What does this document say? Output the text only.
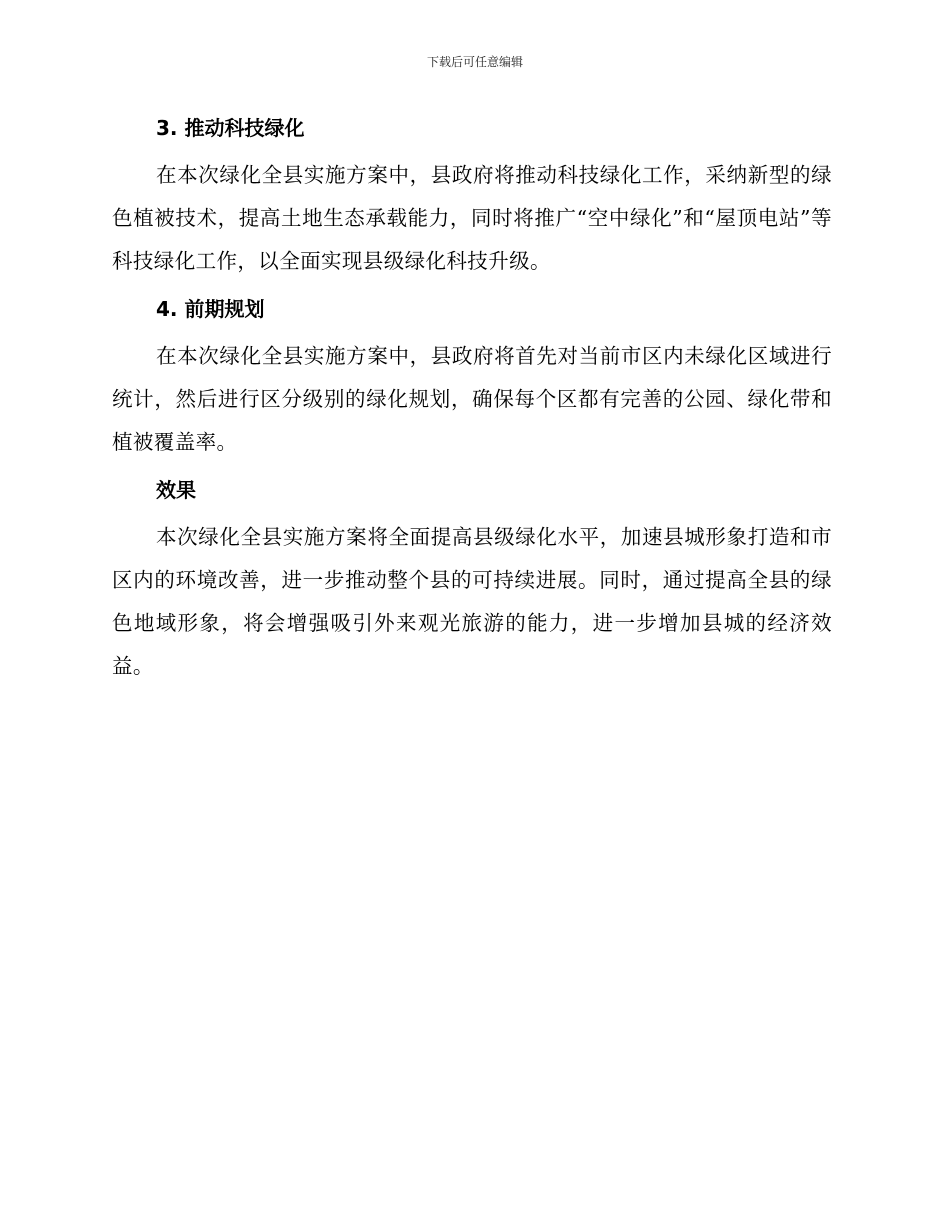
下载后可任意编辑
3. 推动科技绿化

在本次绿化全县实施方案中，县政府将推动科技绿化工作，采纳新型的绿色植被技术，提高土地生态承载能力，同时将推广“空中绿化”和“屋顶电站”等科技绿化工作，以全面实现县级绿化科技升级。

4. 前期规划

在本次绿化全县实施方案中，县政府将首先对当前市区内未绿化区域进行统计，然后进行区分级别的绿化规划，确保每个区都有完善的公园、绿化带和植被覆盖率。

效果

本次绿化全县实施方案将全面提高县级绿化水平，加速县城形象打造和市区内的环境改善，进一步推动整个县的可持续进展。同时，通过提高全县的绿色地域形象，将会增强吸引外来观光旅游的能力，进一步增加县城的经济效益。
